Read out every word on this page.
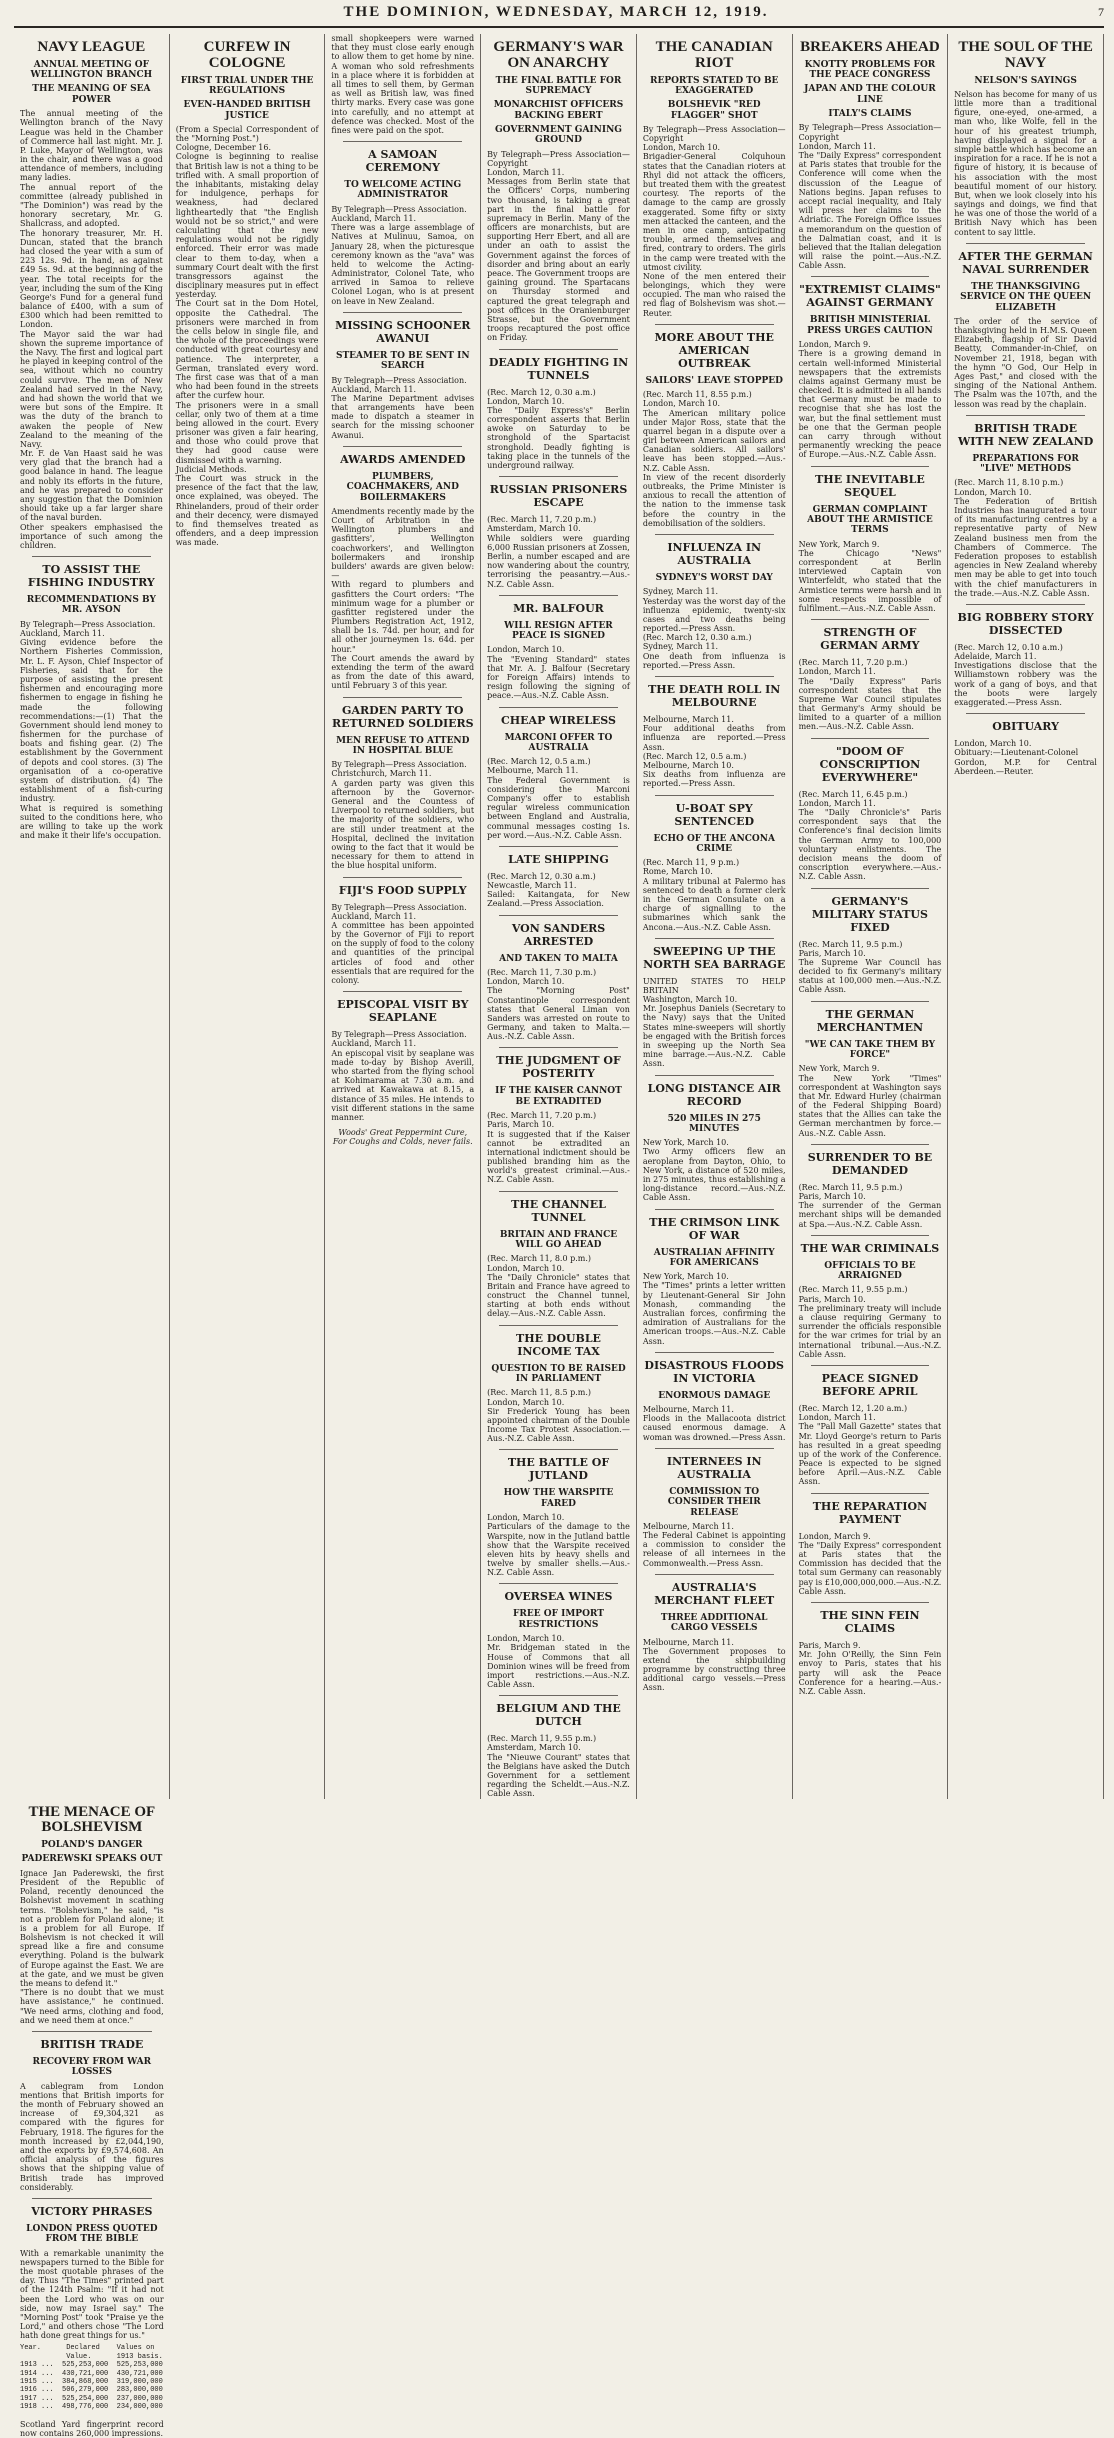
THE DOMINION, WEDNESDAY, MARCH 12, 1919.	7
NAVY LEAGUE
ANNUAL MEETING OF WELLINGTON BRANCH
THE MEANING OF SEA POWER

The annual meeting of the Wellington branch of the Navy League was held in the Chamber of Commerce hall last night. Mr. J. P. Luke, Mayor of Wellington, was in the chair, and there was a good attendance of members, including many ladies.
The annual report of the committee (already published in "The Dominion") was read by the honorary secretary, Mr. G. Shallcrass, and adopted.
The honorary treasurer, Mr. H. Duncan, stated that the branch had closed the year with a sum of 223 12s. 9d. in hand, as against £49 5s. 9d. at the beginning of the year. The total receipts for the year, including the sum of the King George's Fund for a general fund balance of £400, with a sum of £300 which had been remitted to London.
The Mayor said the war had shown the supreme importance of the Navy. The first and logical part he played in keeping control of the sea, without which no country could survive. The men of New Zealand had served in the Navy, and had shown the world that we were but sons of the Empire. It was the duty of the branch to awaken the people of New Zealand to the meaning of the Navy.
Mr. F. de Van Haast said he was very glad that the branch had a good balance in hand. The league and nobly its efforts in the future, and he was prepared to consider any suggestion that the Dominion should take up a far larger share of the naval burden.
Other speakers emphasised the importance of such among the children.

TO ASSIST THE FISHING INDUSTRY
RECOMMENDATIONS BY MR. AYSON

By Telegraph—Press Association.
Auckland, March 11.
Giving evidence before the Northern Fisheries Commission, Mr. L. F. Ayson, Chief Inspector of Fisheries, said that for the purpose of assisting the present fishermen and encouraging more fishermen to engage in fishing he made the following recommendations:—(1) That the Government should lend money to fishermen for the purchase of boats and fishing gear. (2) The establishment by the Government of depots and cool stores. (3) The organisation of a co-operative system of distribution. (4) The establishment of a fish-curing industry.
What is required is something suited to the conditions here, who are willing to take up the work and make it their life's occupation.

CURFEW IN COLOGNE
FIRST TRIAL UNDER THE REGULATIONS
EVEN-HANDED BRITISH JUSTICE

(From a Special Correspondent of the "Morning Post.")
Cologne, December 16.
Cologne is beginning to realise that British law is not a thing to be trifled with. A small proportion of the inhabitants, mistaking delay for indulgence, perhaps for weakness, had declared lightheartedly that "the English would not be so strict," and were calculating that the new regulations would not be rigidly enforced. Their error was made clear to them to-day, when a summary Court dealt with the first transgressors against the disciplinary measures put in effect yesterday.
The Court sat in the Dom Hotel, opposite the Cathedral. The prisoners were marched in from the cells below in single file, and the whole of the proceedings were conducted with great courtesy and patience. The interpreter, a German, translated every word. The first case was that of a man who had been found in the streets after the curfew hour.
The prisoners were in a small cellar, only two of them at a time being allowed in the court. Every prisoner was given a fair hearing, and those who could prove that they had good cause were dismissed with a warning.
Judicial Methods.
The Court was struck in the presence of the fact that the law, once explained, was obeyed. The Rhinelanders, proud of their order and their decency, were dismayed to find themselves treated as offenders, and a deep impression was made.

small shopkeepers were warned that they must close early enough to allow them to get home by nine. A woman who sold refreshments in a place where it is forbidden at all times to sell them, by German as well as British law, was fined thirty marks. Every case was gone into carefully, and no attempt at defence was checked. Most of the fines were paid on the spot.

A SAMOAN CEREMONY
TO WELCOME ACTING ADMINISTRATOR

By Telegraph—Press Association.
Auckland, March 11.
There was a large assemblage of Natives at Mulinuu, Samoa, on January 28, when the picturesque ceremony known as the "ava" was held to welcome the Acting-Administrator, Colonel Tate, who arrived in Samoa to relieve Colonel Logan, who is at present on leave in New Zealand.

MISSING SCHOONER AWANUI
STEAMER TO BE SENT IN SEARCH

By Telegraph—Press Association.
Auckland, March 11.
The Marine Department advises that arrangements have been made to dispatch a steamer in search for the missing schooner Awanui.

AWARDS AMENDED
PLUMBERS, COACHMAKERS, AND BOILERMAKERS

Amendments recently made by the Court of Arbitration in the Wellington plumbers and gasfitters', Wellington coachworkers', and Wellington boilermakers and ironship builders' awards are given below:—
With regard to plumbers and gasfitters the Court orders: "The minimum wage for a plumber or gasfitter registered under the Plumbers Registration Act, 1912, shall be 1s. 74d. per hour, and for all other journeymen 1s. 64d. per hour."
The Court amends the award by extending the term of the award as from the date of this award, until February 3 of this year.

GARDEN PARTY TO RETURNED SOLDIERS
MEN REFUSE TO ATTEND IN HOSPITAL BLUE

By Telegraph—Press Association.
Christchurch, March 11.
A garden party was given this afternoon by the Governor-General and the Countess of Liverpool to returned soldiers, but the majority of the soldiers, who are still under treatment at the Hospital, declined the invitation owing to the fact that it would be necessary for them to attend in the blue hospital uniform.

FIJI'S FOOD SUPPLY

By Telegraph—Press Association.
Auckland, March 11.
A committee has been appointed by the Governor of Fiji to report on the supply of food to the colony and quantities of the principal articles of food and other essentials that are required for the colony.

EPISCOPAL VISIT BY SEAPLANE

By Telegraph—Press Association.
Auckland, March 11.
An episcopal visit by seaplane was made to-day by Bishop Averill, who started from the flying school at Kohimarama at 7.30 a.m. and arrived at Kawakawa at 8.15, a distance of 35 miles. He intends to visit different stations in the same manner.

Woods' Great Peppermint Cure, For Coughs and Colds, never fails.
GERMANY'S WAR ON ANARCHY
THE FINAL BATTLE FOR SUPREMACY
MONARCHIST OFFICERS BACKING EBERT
GOVERNMENT GAINING GROUND

By Telegraph—Press Association—Copyright
London, March 11.
Messages from Berlin state that the Officers' Corps, numbering two thousand, is taking a great part in the final battle for supremacy in Berlin. Many of the officers are monarchists, but are supporting Herr Ebert, and all are under an oath to assist the Government against the forces of disorder and bring about an early peace. The Government troops are gaining ground. The Spartacans on Thursday stormed and captured the great telegraph and post offices in the Oranienburger Strasse, but the Government troops recaptured the post office on Friday.

DEADLY FIGHTING IN TUNNELS

(Rec. March 12, 0.30 a.m.)
London, March 10.
The "Daily Express's" Berlin correspondent asserts that Berlin awoke on Saturday to be stronghold of the Spartacist stronghold. Deadly fighting is taking place in the tunnels of the underground railway.

RUSSIAN PRISONERS ESCAPE

(Rec. March 11, 7.20 p.m.)
Amsterdam, March 10.
While soldiers were guarding 6,000 Russian prisoners at Zossen, Berlin, a number escaped and are now wandering about the country, terrorising the peasantry.—Aus.-N.Z. Cable Assn.

MR. BALFOUR
WILL RESIGN AFTER PEACE IS SIGNED

London, March 10.
The "Evening Standard" states that Mr. A. J. Balfour (Secretary for Foreign Affairs) intends to resign following the signing of peace.—Aus.-N.Z. Cable Assn.

CHEAP WIRELESS
MARCONI OFFER TO AUSTRALIA

(Rec. March 12, 0.5 a.m.)
Melbourne, March 11.
The Federal Government is considering the Marconi Company's offer to establish regular wireless communication between England and Australia, communal messages costing 1s. per word.—Aus.-N.Z. Cable Assn.

LATE SHIPPING

(Rec. March 12, 0.30 a.m.)
Newcastle, March 11.
Sailed: Kaitangata, for New Zealand.—Press Association.

VON SANDERS ARRESTED
AND TAKEN TO MALTA

(Rec. March 11, 7.30 p.m.)
London, March 10.
The "Morning Post" Constantinople correspondent states that General Liman von Sanders was arrested on route to Germany, and taken to Malta.—Aus.-N.Z. Cable Assn.

THE JUDGMENT OF POSTERITY
IF THE KAISER CANNOT BE EXTRADITED

(Rec. March 11, 7.20 p.m.)
Paris, March 10.
It is suggested that if the Kaiser cannot be extradited an international indictment should be published branding him as the world's greatest criminal.—Aus.-N.Z. Cable Assn.

THE CHANNEL TUNNEL
BRITAIN AND FRANCE WILL GO AHEAD

(Rec. March 11, 8.0 p.m.)
London, March 10.
The "Daily Chronicle" states that Britain and France have agreed to construct the Channel tunnel, starting at both ends without delay.—Aus.-N.Z. Cable Assn.

THE DOUBLE INCOME TAX
QUESTION TO BE RAISED IN PARLIAMENT

(Rec. March 11, 8.5 p.m.)
London, March 10.
Sir Frederick Young has been appointed chairman of the Double Income Tax Protest Association.—Aus.-N.Z. Cable Assn.

THE BATTLE OF JUTLAND
HOW THE WARSPITE FARED

London, March 10.
Particulars of the damage to the Warspite, now in the Jutland battle show that the Warspite received eleven hits by heavy shells and twelve by smaller shells.—Aus.-N.Z. Cable Assn.

OVERSEA WINES
FREE OF IMPORT RESTRICTIONS

London, March 10.
Mr. Bridgeman stated in the House of Commons that all Dominion wines will be freed from import restrictions.—Aus.-N.Z. Cable Assn.

BELGIUM AND THE DUTCH

(Rec. March 11, 9.55 p.m.)
Amsterdam, March 10.
The "Nieuwe Courant" states that the Belgians have asked the Dutch Government for a settlement regarding the Scheldt.—Aus.-N.Z. Cable Assn.

THE CANADIAN RIOT
REPORTS STATED TO BE EXAGGERATED
BOLSHEVIK "RED FLAGGER" SHOT

By Telegraph—Press Association—Copyright
London, March 10.
Brigadier-General Colquhoun states that the Canadian rioters at Rhyl did not attack the officers, but treated them with the greatest courtesy. The reports of the damage to the camp are grossly exaggerated. Some fifty or sixty men attacked the canteen, and the men in one camp, anticipating trouble, armed themselves and fired, contrary to orders. The girls in the camp were treated with the utmost civility.
None of the men entered their belongings, which they were occupied. The man who raised the red flag of Bolshevism was shot.—Reuter.

MORE ABOUT THE AMERICAN OUTBREAK
SAILORS' LEAVE STOPPED

(Rec. March 11, 8.55 p.m.)
London, March 10.
The American military police under Major Ross, state that the quarrel began in a dispute over a girl between American sailors and Canadian soldiers. All sailors' leave has been stopped.—Aus.-N.Z. Cable Assn.
In view of the recent disorderly outbreaks, the Prime Minister is anxious to recall the attention of the nation to the immense task before the country in the demobilisation of the soldiers.

INFLUENZA IN AUSTRALIA
SYDNEY'S WORST DAY

Sydney, March 11.
Yesterday was the worst day of the influenza epidemic, twenty-six cases and two deaths being reported.—Press Assn.
(Rec. March 12, 0.30 a.m.)
Sydney, March 11.
One death from influenza is reported.—Press Assn.

THE DEATH ROLL IN MELBOURNE

Melbourne, March 11.
Four additional deaths from influenza are reported.—Press Assn.
(Rec. March 12, 0.5 a.m.)
Melbourne, March 10.
Six deaths from influenza are reported.—Press Assn.

U-BOAT SPY SENTENCED
ECHO OF THE ANCONA CRIME

(Rec. March 11, 9 p.m.)
Rome, March 10.
A military tribunal at Palermo has sentenced to death a former clerk in the German Consulate on a charge of signalling to the submarines which sank the Ancona.—Aus.-N.Z. Cable Assn.

SWEEPING UP THE NORTH SEA BARRAGE

UNITED STATES TO HELP BRITAIN
Washington, March 10.
Mr. Josephus Daniels (Secretary to the Navy) says that the United States mine-sweepers will shortly be engaged with the British forces in sweeping up the North Sea mine barrage.—Aus.-N.Z. Cable Assn.

LONG DISTANCE AIR RECORD
520 MILES IN 275 MINUTES

New York, March 10.
Two Army officers flew an aeroplane from Dayton, Ohio, to New York, a distance of 520 miles, in 275 minutes, thus establishing a long-distance record.—Aus.-N.Z. Cable Assn.

THE CRIMSON LINK OF WAR
AUSTRALIAN AFFINITY FOR AMERICANS

New York, March 10.
The "Times" prints a letter written by Lieutenant-General Sir John Monash, commanding the Australian forces, confirming the admiration of Australians for the American troops.—Aus.-N.Z. Cable Assn.

DISASTROUS FLOODS IN VICTORIA
ENORMOUS DAMAGE

Melbourne, March 11.
Floods in the Mallacoota district caused enormous damage. A woman was drowned.—Press Assn.

INTERNEES IN AUSTRALIA
COMMISSION TO CONSIDER THEIR RELEASE

Melbourne, March 11.
The Federal Cabinet is appointing a commission to consider the release of all internees in the Commonwealth.—Press Assn.

AUSTRALIA'S MERCHANT FLEET
THREE ADDITIONAL CARGO VESSELS

Melbourne, March 11.
The Government proposes to extend the shipbuilding programme by constructing three additional cargo vessels.—Press Assn.

BREAKERS AHEAD
KNOTTY PROBLEMS FOR THE PEACE CONGRESS
JAPAN AND THE COLOUR LINE
ITALY'S CLAIMS

By Telegraph—Press Association—Copyright
London, March 11.
The "Daily Express" correspondent at Paris states that trouble for the Conference will come when the discussion of the League of Nations begins. Japan refuses to accept racial inequality, and Italy will press her claims to the Adriatic. The Foreign Office issues a memorandum on the question of the Dalmatian coast, and it is believed that the Italian delegation will raise the point.—Aus.-N.Z. Cable Assn.

"EXTREMIST CLAIMS" AGAINST GERMANY
BRITISH MINISTERIAL PRESS URGES CAUTION

London, March 9.
There is a growing demand in certain well-informed Ministerial newspapers that the extremists claims against Germany must be checked. It is admitted in all hands that Germany must be made to recognise that she has lost the war, but the final settlement must be one that the German people can carry through without permanently wrecking the peace of Europe.—Aus.-N.Z. Cable Assn.

THE INEVITABLE SEQUEL
GERMAN COMPLAINT ABOUT THE ARMISTICE TERMS

New York, March 9.
The Chicago "News" correspondent at Berlin interviewed Captain von Winterfeldt, who stated that the Armistice terms were harsh and in some respects impossible of fulfilment.—Aus.-N.Z. Cable Assn.

STRENGTH OF GERMAN ARMY

(Rec. March 11, 7.20 p.m.)
London, March 11.
The "Daily Express" Paris correspondent states that the Supreme War Council stipulates that Germany's Army should be limited to a quarter of a million men.—Aus.-N.Z. Cable Assn.

"DOOM OF CONSCRIPTION EVERYWHERE"

(Rec. March 11, 6.45 p.m.)
London, March 11.
The "Daily Chronicle's" Paris correspondent says that the Conference's final decision limits the German Army to 100,000 voluntary enlistments. The decision means the doom of conscription everywhere.—Aus.-N.Z. Cable Assn.

GERMANY'S MILITARY STATUS FIXED

(Rec. March 11, 9.5 p.m.)
Paris, March 10.
The Supreme War Council has decided to fix Germany's military status at 100,000 men.—Aus.-N.Z. Cable Assn.

THE GERMAN MERCHANTMEN
"WE CAN TAKE THEM BY FORCE"

New York, March 9.
The New York "Times" correspondent at Washington says that Mr. Edward Hurley (chairman of the Federal Shipping Board) states that the Allies can take the German merchantmen by force.—Aus.-N.Z. Cable Assn.

SURRENDER TO BE DEMANDED

(Rec. March 11, 9.5 p.m.)
Paris, March 10.
The surrender of the German merchant ships will be demanded at Spa.—Aus.-N.Z. Cable Assn.

THE WAR CRIMINALS
OFFICIALS TO BE ARRAIGNED

(Rec. March 11, 9.55 p.m.)
Paris, March 10.
The preliminary treaty will include a clause requiring Germany to surrender the officials responsible for the war crimes for trial by an international tribunal.—Aus.-N.Z. Cable Assn.

PEACE SIGNED BEFORE APRIL

(Rec. March 12, 1.20 a.m.)
London, March 11.
The "Pall Mall Gazette" states that Mr. Lloyd George's return to Paris has resulted in a great speeding up of the work of the Conference. Peace is expected to be signed before April.—Aus.-N.Z. Cable Assn.

THE REPARATION PAYMENT

London, March 9.
The "Daily Express" correspondent at Paris states that the Commission has decided that the total sum Germany can reasonably pay is £10,000,000,000.—Aus.-N.Z. Cable Assn.

THE SINN FEIN CLAIMS

Paris, March 9.
Mr. John O'Reilly, the Sinn Fein envoy to Paris, states that his party will ask the Peace Conference for a hearing.—Aus.-N.Z. Cable Assn.

THE SOUL OF THE NAVY
NELSON'S SAYINGS

Nelson has become for many of us little more than a traditional figure, one-eyed, one-armed, a man who, like Wolfe, fell in the hour of his greatest triumph, having displayed a signal for a simple battle which has become an inspiration for a race. If he is not a figure of history, it is because of his association with the most beautiful moment of our history. But, when we look closely into his sayings and doings, we find that he was one of those the world of a British Navy which has been content to say little.

AFTER THE GERMAN NAVAL SURRENDER
THE THANKSGIVING SERVICE ON THE QUEEN ELIZABETH

The order of the service of thanksgiving held in H.M.S. Queen Elizabeth, flagship of Sir David Beatty, Commander-in-Chief, on November 21, 1918, began with the hymn "O God, Our Help in Ages Past," and closed with the singing of the National Anthem. The Psalm was the 107th, and the lesson was read by the chaplain.

BRITISH TRADE WITH NEW ZEALAND
PREPARATIONS FOR "LIVE" METHODS

(Rec. March 11, 8.10 p.m.)
London, March 10.
The Federation of British Industries has inaugurated a tour of its manufacturing centres by a representative party of New Zealand business men from the Chambers of Commerce. The Federation proposes to establish agencies in New Zealand whereby men may be able to get into touch with the chief manufacturers in the trade.—Aus.-N.Z. Cable Assn.

BIG ROBBERY STORY DISSECTED

(Rec. March 12, 0.10 a.m.)
Adelaide, March 11.
Investigations disclose that the Williamstown robbery was the work of a gang of boys, and that the boots were largely exaggerated.—Press Assn.

OBITUARY

London, March 10.
Obituary:—Lieutenant-Colonel Gordon, M.P. for Central Aberdeen.—Reuter.

THE MENACE OF BOLSHEVISM
POLAND'S DANGER
PADEREWSKI SPEAKS OUT

Ignace Jan Paderewski, the first President of the Republic of Poland, recently denounced the Bolshevist movement in scathing terms. "Bolshevism," he said, "is not a problem for Poland alone; it is a problem for all Europe. If Bolshevism is not checked it will spread like a fire and consume everything. Poland is the bulwark of Europe against the East. We are at the gate, and we must be given the means to defend it."
"There is no doubt that we must have assistance," he continued. "We need arms, clothing and food, and we need them at once."

BRITISH TRADE
RECOVERY FROM WAR LOSSES

A cablegram from London mentions that British imports for the month of February showed an increase of £9,304,321 as compared with the figures for February, 1918. The figures for the month increased by £2,044,190, and the exports by £9,574,608. An official analysis of the figures shows that the shipping value of British trade has improved considerably.

VICTORY PHRASES
LONDON PRESS QUOTED FROM THE BIBLE

With a remarkable unanimity the newspapers turned to the Bible for the most quotable phrases of the day. Thus "The Times" printed part of the 124th Psalm: "If it had not been the Lord who was on our side, now may Israel say." The "Morning Post" took "Praise ye the Lord," and others chose "The Lord hath done great things for us."

Year.      Declared    Values on
Value.      1913 basis.
1913 ...  525,253,000  525,253,000
1914 ...  430,721,000  430,721,000
1915 ...  384,868,000  319,000,000
1916 ...  506,279,000  283,000,000
1917 ...  525,254,000  237,000,000
1918 ...  498,776,000  234,000,000

Scotland Yard fingerprint record now contains 260,000 impressions.
